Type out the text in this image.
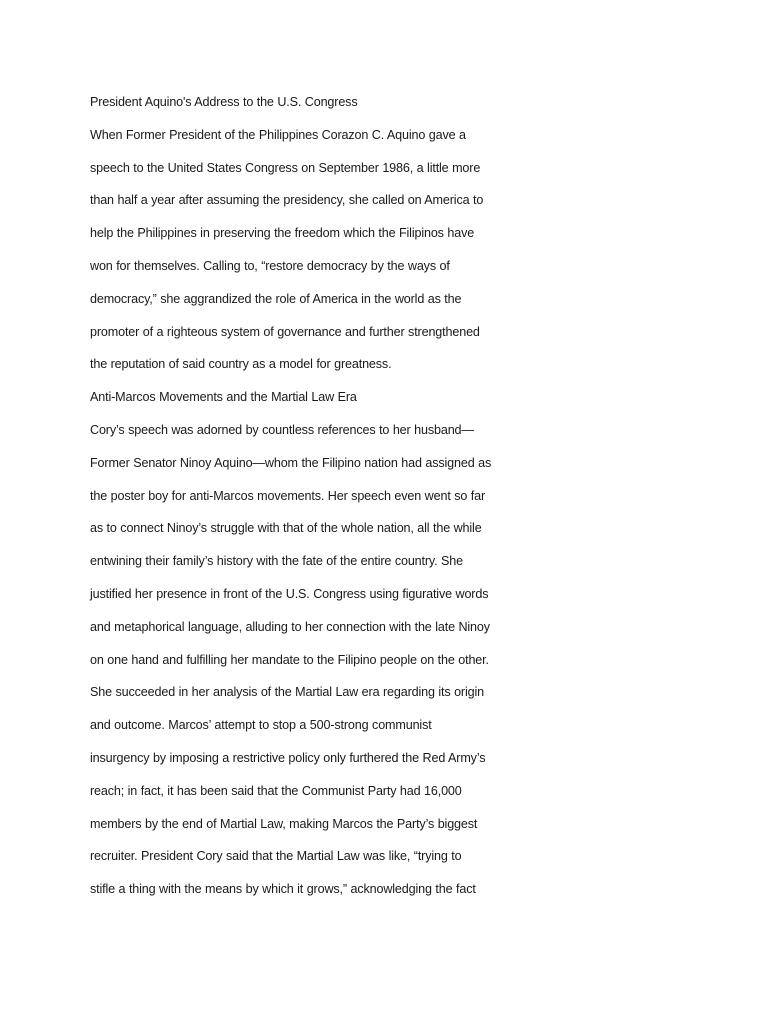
President Aquino's Address to the U.S. Congress
When Former President of the Philippines Corazon C. Aquino gave a
speech to the United States Congress on September 1986, a little more
than half a year after assuming the presidency, she called on America to
help the Philippines in preserving the freedom which the Filipinos have
won for themselves. Calling to, “restore democracy by the ways of
democracy,” she aggrandized the role of America in the world as the
promoter of a righteous system of governance and further strengthened
the reputation of said country as a model for greatness.
Anti-Marcos Movements and the Martial Law Era
Cory’s speech was adorned by countless references to her husband—
Former Senator Ninoy Aquino—whom the Filipino nation had assigned as
the poster boy for anti-Marcos movements. Her speech even went so far
as to connect Ninoy’s struggle with that of the whole nation, all the while
entwining their family’s history with the fate of the entire country. She
justified her presence in front of the U.S. Congress using figurative words
and metaphorical language, alluding to her connection with the late Ninoy
on one hand and fulfilling her mandate to the Filipino people on the other.
She succeeded in her analysis of the Martial Law era regarding its origin
and outcome. Marcos’ attempt to stop a 500-strong communist
insurgency by imposing a restrictive policy only furthered the Red Army’s
reach; in fact, it has been said that the Communist Party had 16,000
members by the end of Martial Law, making Marcos the Party’s biggest
recruiter. President Cory said that the Martial Law was like, “trying to
stifle a thing with the means by which it grows,” acknowledging the fact
